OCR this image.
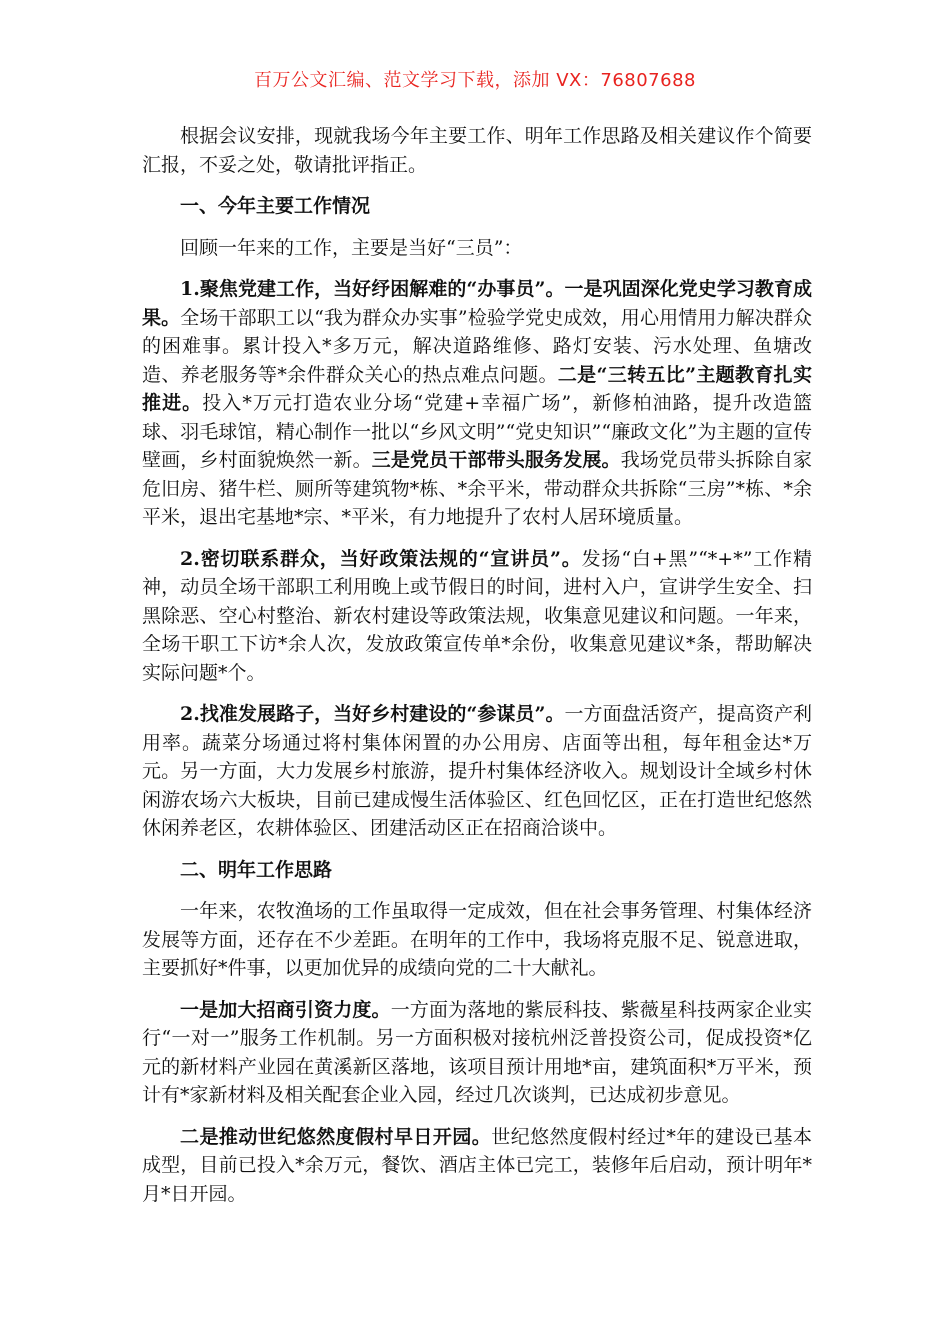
百万公文汇编、范文学习下载，添加 VX：76807688

根据会议安排，现就我场今年主要工作、明年工作思路及相关建议作个简要汇报，不妥之处，敬请批评指正。

一、今年主要工作情况

回顾一年来的工作，主要是当好“三员”：

1.聚焦党建工作，当好纾困解难的“办事员”。一是巩固深化党史学习教育成果。全场干部职工以“我为群众办实事”检验学党史成效，用心用情用力解决群众的困难事。累计投入*多万元，解决道路维修、路灯安装、污水处理、鱼塘改造、养老服务等*余件群众关心的热点难点问题。二是“三转五比”主题教育扎实推进。投入*万元打造农业分场“党建+幸福广场”，新修柏油路，提升改造篮球、羽毛球馆，精心制作一批以“乡风文明”“党史知识”“廉政文化”为主题的宣传壁画，乡村面貌焕然一新。三是党员干部带头服务发展。我场党员带头拆除自家危旧房、猪牛栏、厕所等建筑物*栋、*余平米，带动群众共拆除“三房”*栋、*余平米，退出宅基地*宗、*平米，有力地提升了农村人居环境质量。

2.密切联系群众，当好政策法规的“宣讲员”。发扬“白+黑”“*+*”工作精神，动员全场干部职工利用晚上或节假日的时间，进村入户，宣讲学生安全、扫黑除恶、空心村整治、新农村建设等政策法规，收集意见建议和问题。一年来，全场干职工下访*余人次，发放政策宣传单*余份，收集意见建议*条，帮助解决实际问题*个。

2.找准发展路子，当好乡村建设的“参谋员”。一方面盘活资产，提高资产利用率。蔬菜分场通过将村集体闲置的办公用房、店面等出租，每年租金达*万元。另一方面，大力发展乡村旅游，提升村集体经济收入。规划设计全域乡村休闲游农场六大板块，目前已建成慢生活体验区、红色回忆区，正在打造世纪悠然休闲养老区，农耕体验区、团建活动区正在招商洽谈中。

二、明年工作思路

一年来，农牧渔场的工作虽取得一定成效，但在社会事务管理、村集体经济发展等方面，还存在不少差距。在明年的工作中，我场将克服不足、锐意进取，主要抓好*件事，以更加优异的成绩向党的二十大献礼。

一是加大招商引资力度。一方面为落地的紫辰科技、紫薇星科技两家企业实行“一对一”服务工作机制。另一方面积极对接杭州泛普投资公司，促成投资*亿元的新材料产业园在黄溪新区落地，该项目预计用地*亩，建筑面积*万平米，预计有*家新材料及相关配套企业入园，经过几次谈判，已达成初步意见。

二是推动世纪悠然度假村早日开园。世纪悠然度假村经过*年的建设已基本成型，目前已投入*余万元，餐饮、酒店主体已完工，装修年后启动，预计明年*月*日开园。
